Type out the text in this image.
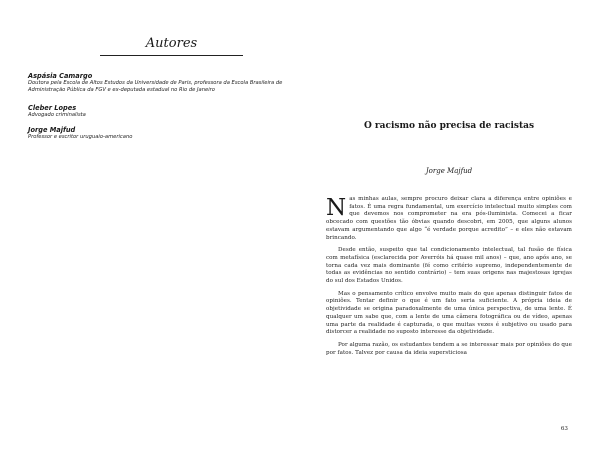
Autores

Aspásia Camargo

Doutora pela Escola de Altos Estudos da Universidade de Paris, professora da Escola Brasileira de Administração Pública da FGV e ex-deputada estadual no Rio de Janeiro

Cleber Lopes

Advogado criminalista

Jorge Majfud

Professor e escritor uruguaio-americano

O racismo não precisa de racistas

Jorge Majfud

Nas minhas aulas, sempre procuro deixar clara a diferença entre opiniões e fatos. É uma regra fundamental, um exercício intelectual muito simples com que devemos nos comprometer na era pós-iluminista. Comecei a ficar obcecado com questões tão óbvias quando descobri, em 2005, que alguns alunos estavam argumentando que algo “é verdade porque acredito” – e eles não estavam brincando.

Desde então, suspeito que tal condicionamento intelectual, tal fusão de física com metafísica (esclarecida por Averróis há quase mil anos) – que, ano após ano, se torna cada vez mais dominante (fé como critério supremo, independentemente de todas as evidências no sentido contrário) – tem suas origens nas majestosas igrejas do sul dos Estados Unidos.

Mas o pensamento crítico envolve muito mais do que apenas distinguir fatos de opiniões. Tentar definir o que é um fato seria suficiente. A própria ideia de objetividade se origina paradoxalmente de uma única perspectiva, de uma lente. É qualquer um sabe que, com a lente de uma câmera fotográfica ou de vídeo, apenas uma parte da realidade é capturada, o que muitas vezes é subjetivo ou usado para distorcer a realidade no suposto interesse da objetividade.

Por alguma razão, os estudantes tendem a se interessar mais por opiniões do que por fatos. Talvez por causa da ideia supersticiosa

63
